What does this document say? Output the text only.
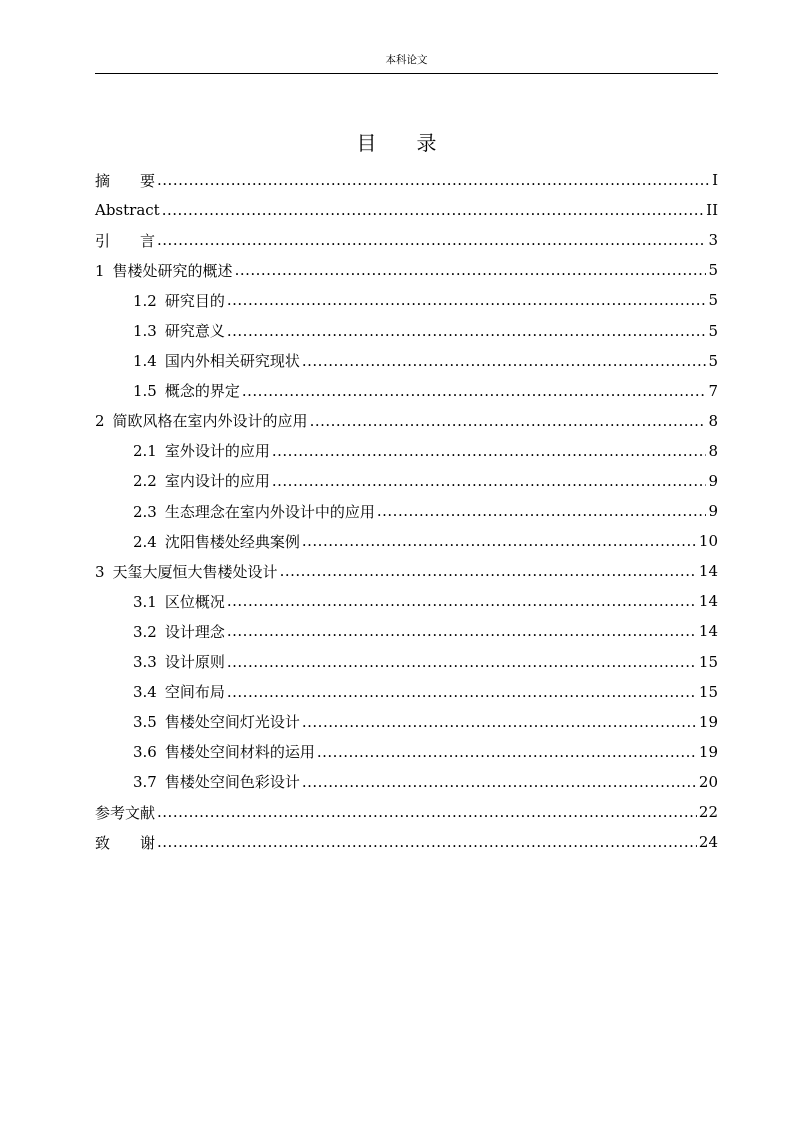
本科论文
目 录
摘　　要 .....	I
Abstract .....	II
引　　言 .....	3
1 售楼处研究的概述 .....	5
1.2 研究目的 .....	5
1.3 研究意义 .....	5
1.4 国内外相关研究现状 .....	5
1.5 概念的界定 .....	7
2 简欧风格在室内外设计的应用 .....	8
2.1 室外设计的应用 .....	8
2.2 室内设计的应用 .....	9
2.3 生态理念在室内外设计中的应用 .....	9
2.4 沈阳售楼处经典案例 .....	10
3 天玺大厦恒大售楼处设计 .....	14
3.1 区位概况 .....	14
3.2 设计理念 .....	14
3.3 设计原则 .....	15
3.4 空间布局 .....	15
3.5 售楼处空间灯光设计 .....	19
3.6 售楼处空间材料的运用 .....	19
3.7 售楼处空间色彩设计 .....	20
参考文献 .....	22
致　　谢 .....	24
